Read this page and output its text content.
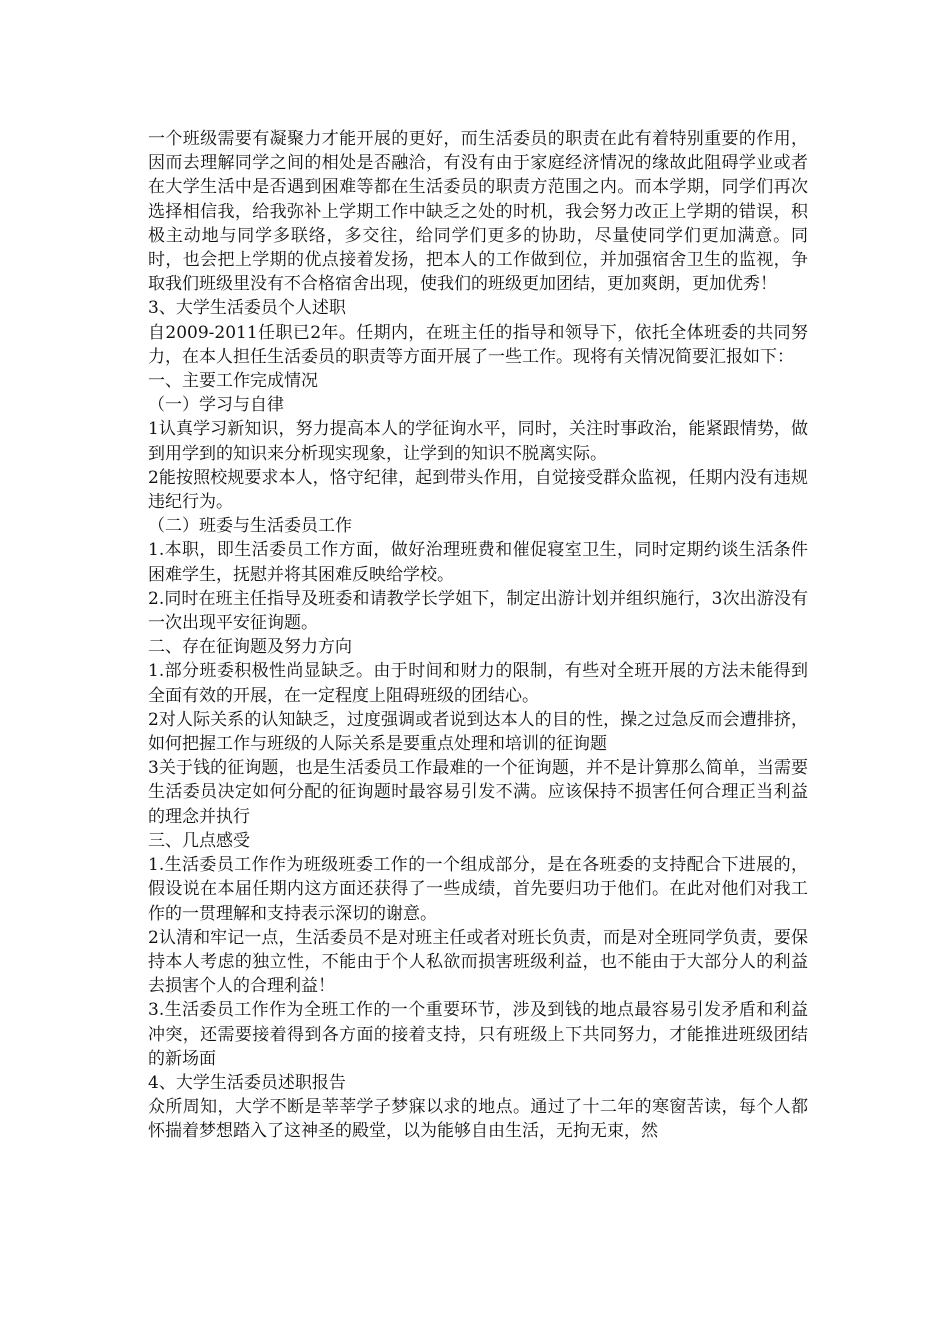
一个班级需要有凝聚力才能开展的更好，而生活委员的职责在此有着特别重要的作用，因而去理解同学之间的相处是否融洽，有没有由于家庭经济情况的缘故此阻碍学业或者在大学生活中是否遇到困难等都在生活委员的职责方范围之内。而本学期，同学们再次选择相信我，给我弥补上学期工作中缺乏之处的时机，我会努力改正上学期的错误，积极主动地与同学多联络，多交往，给同学们更多的协助，尽量使同学们更加满意。同时，也会把上学期的优点接着发扬，把本人的工作做到位，并加强宿舍卫生的监视，争取我们班级里没有不合格宿舍出现，使我们的班级更加团结，更加爽朗，更加优秀！

3、大学生活委员个人述职

自2009-2011任职已2年。任期内，在班主任的指导和领导下，依托全体班委的共同努力，在本人担任生活委员的职责等方面开展了一些工作。现将有关情况简要汇报如下：

一、主要工作完成情况

（一）学习与自律

1认真学习新知识，努力提高本人的学征询水平，同时，关注时事政治，能紧跟情势，做到用学到的知识来分析现实现象，让学到的知识不脱离实际。

2能按照校规要求本人，恪守纪律，起到带头作用，自觉接受群众监视，任期内没有违规违纪行为。

（二）班委与生活委员工作

1.本职，即生活委员工作方面，做好治理班费和催促寝室卫生，同时定期约谈生活条件困难学生，抚慰并将其困难反映给学校。

2.同时在班主任指导及班委和请教学长学姐下，制定出游计划并组织施行，3次出游没有一次出现平安征询题。

二、存在征询题及努力方向

1.部分班委积极性尚显缺乏。由于时间和财力的限制，有些对全班开展的方法未能得到全面有效的开展，在一定程度上阻碍班级的团结心。

2对人际关系的认知缺乏，过度强调或者说到达本人的目的性，操之过急反而会遭排挤，如何把握工作与班级的人际关系是要重点处理和培训的征询题

3关于钱的征询题，也是生活委员工作最难的一个征询题，并不是计算那么简单，当需要生活委员决定如何分配的征询题时最容易引发不满。应该保持不损害任何合理正当利益的理念并执行

三、几点感受

1.生活委员工作作为班级班委工作的一个组成部分，是在各班委的支持配合下进展的，假设说在本届任期内这方面还获得了一些成绩，首先要归功于他们。在此对他们对我工作的一贯理解和支持表示深切的谢意。

2认清和牢记一点，生活委员不是对班主任或者对班长负责，而是对全班同学负责，要保持本人考虑的独立性，不能由于个人私欲而损害班级利益，也不能由于大部分人的利益去损害个人的合理利益！

3.生活委员工作作为全班工作的一个重要环节，涉及到钱的地点最容易引发矛盾和利益冲突，还需要接着得到各方面的接着支持，只有班级上下共同努力，才能推进班级团结的新场面

4、大学生活委员述职报告

众所周知，大学不断是莘莘学子梦寐以求的地点。通过了十二年的寒窗苦读，每个人都怀揣着梦想踏入了这神圣的殿堂，以为能够自由生活，无拘无束，然
